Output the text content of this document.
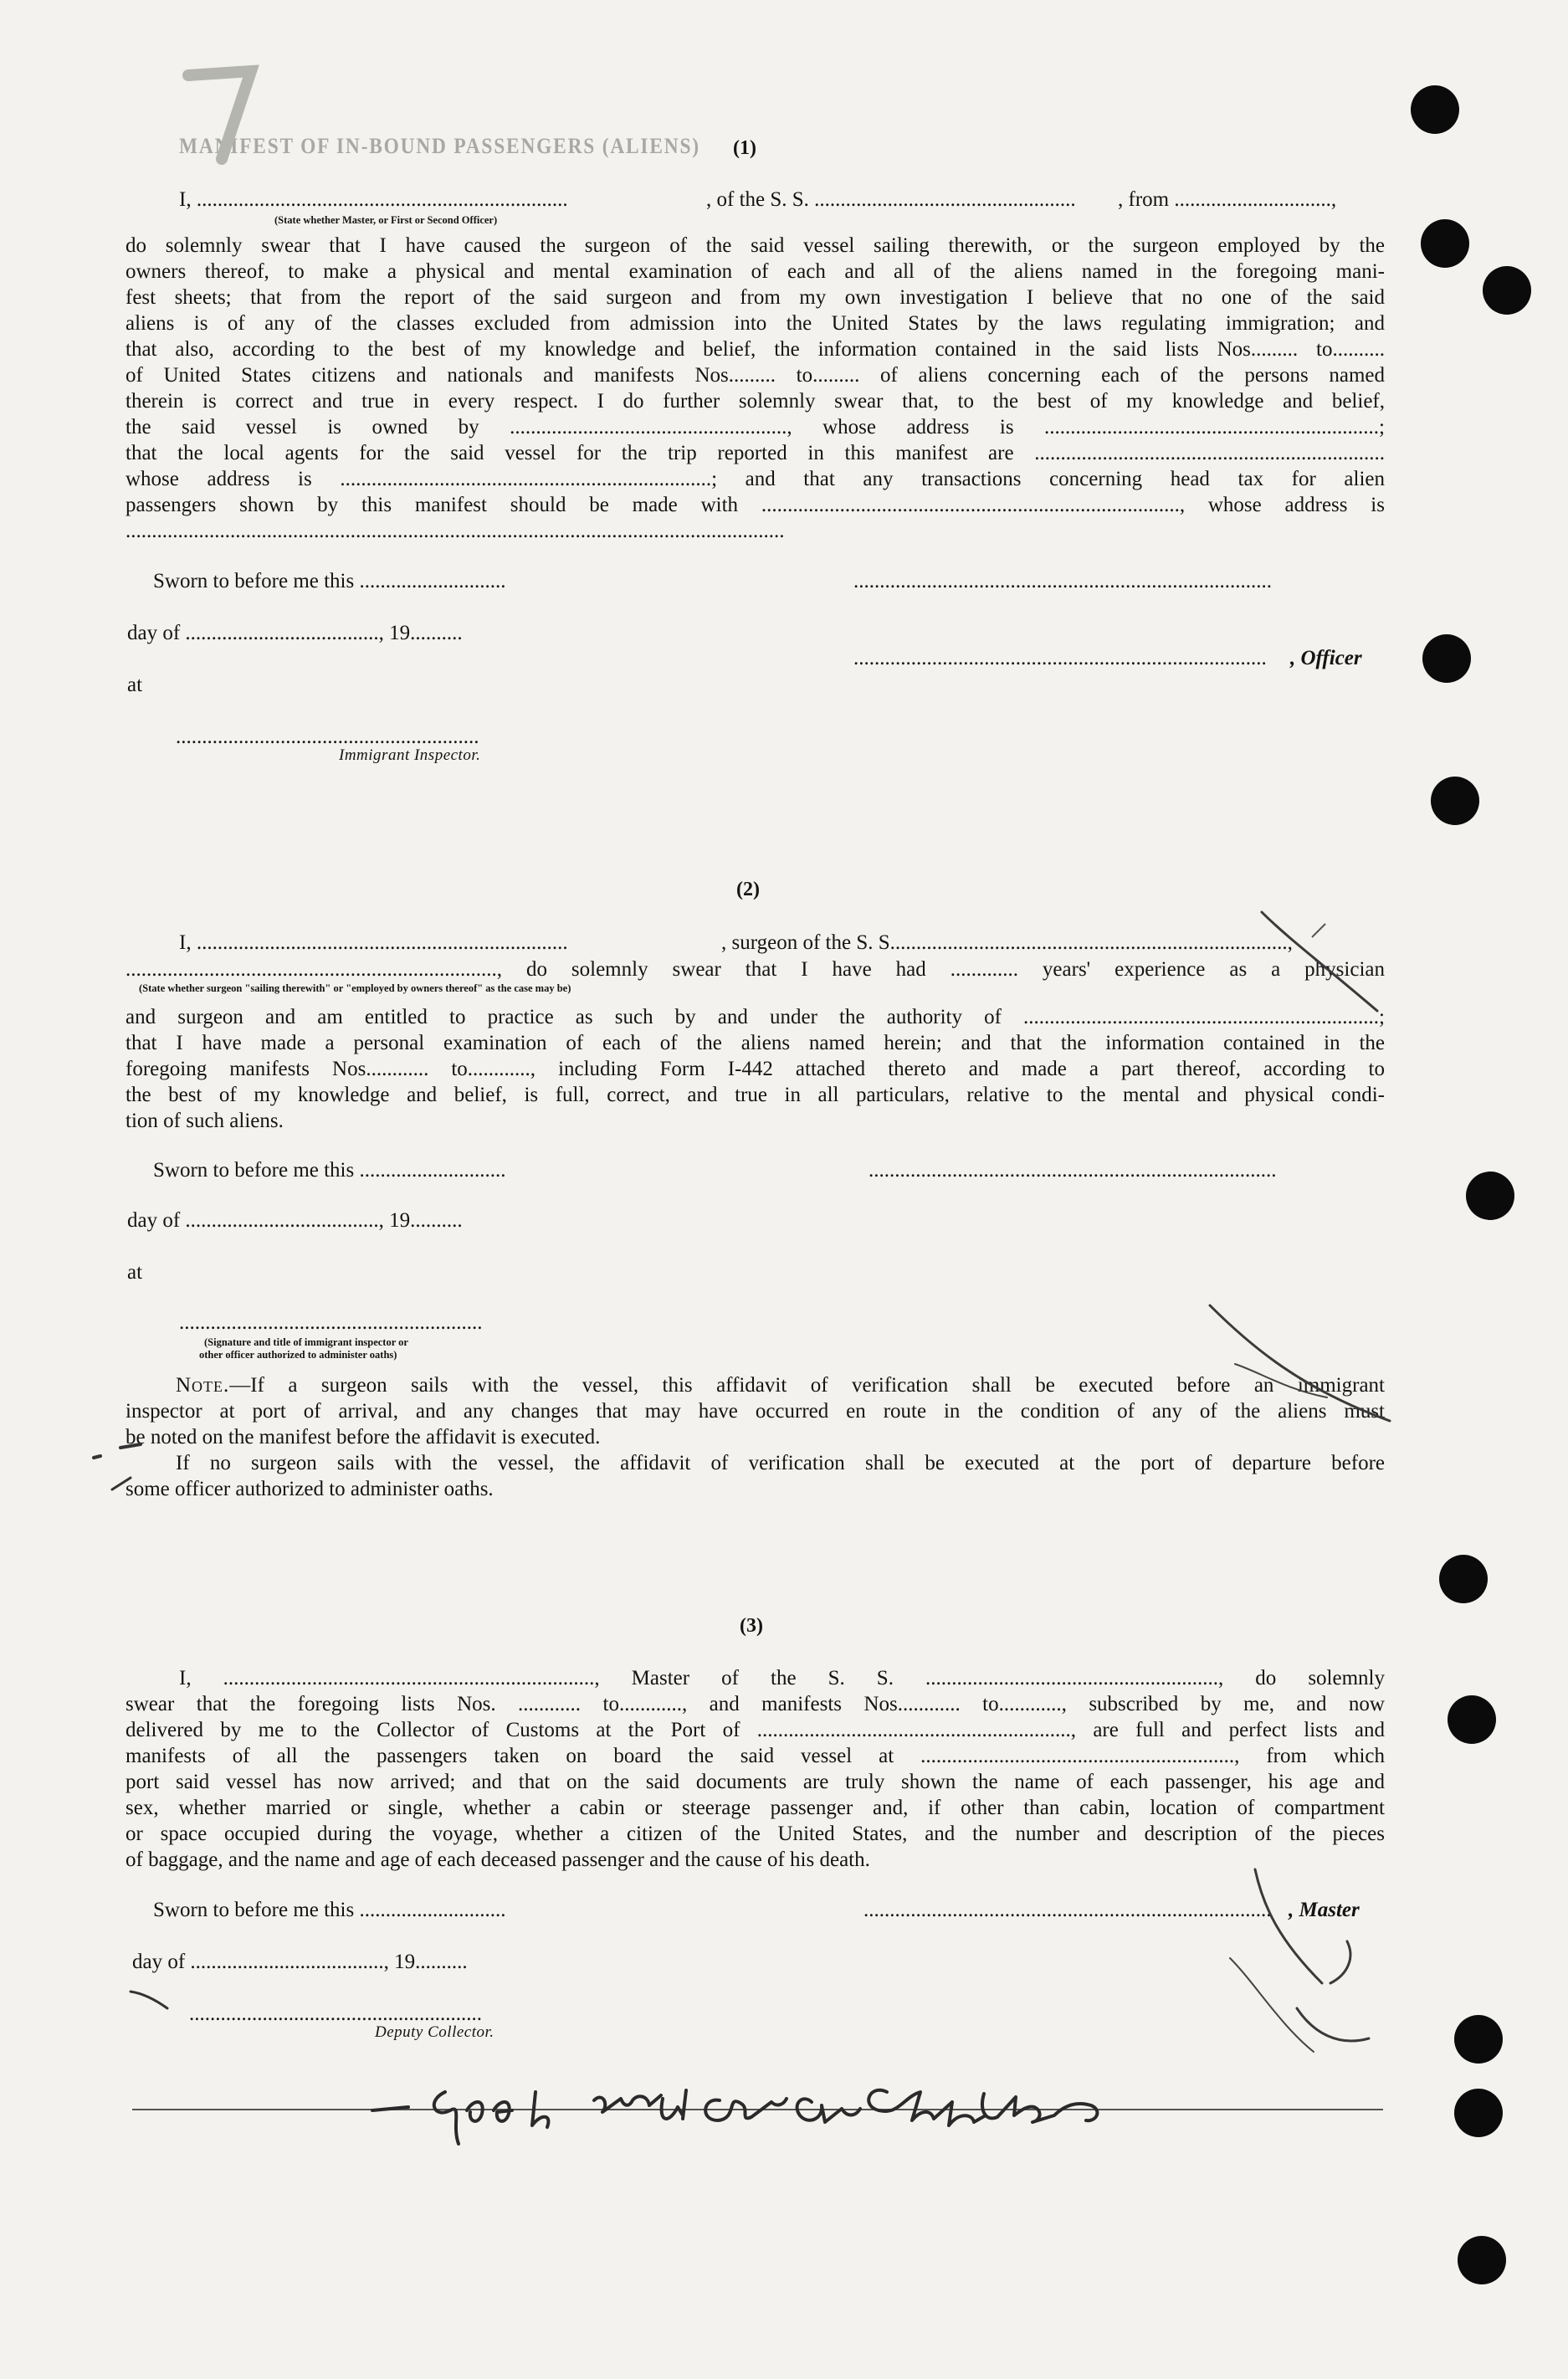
MANIFEST OF IN-BOUND PASSENGERS (ALIENS) (1)
I, .......................................................................	, of the S. S. .................................................. , from ..............................,
(State whether Master, or First or Second Officer)
do solemnly swear that I have caused the surgeon of the said vessel sailing therewith, or the surgeon employed by the
owners thereof, to make a physical and mental examination of each and all of the aliens named in the foregoing mani-
fest sheets; that from the report of the said surgeon and from my own investigation I believe that no one of the said
aliens is of any of the classes excluded from admission into the United States by the laws regulating immigration; and
that also, according to the best of my knowledge and belief, the information contained in the said lists Nos......... to..........
of United States citizens and nationals and manifests Nos......... to......... of aliens concerning each of the persons named
therein is correct and true in every respect. I do further solemnly swear that, to the best of my knowledge and belief,
the said vessel is owned by ....................................................., whose address is ................................................................;
that the local agents for the said vessel for the trip reported in this manifest are ...................................................................
whose address is .......................................................................; and that any transactions concerning head tax for alien
passengers shown by this manifest should be made with ................................................................................, whose address is
..............................................................................................................................
Sworn to before me this ............................	................................................................................
day of ....................................., 19..........
............................................................................... , Officer
at
..........................................................
Immigrant Inspector.
(2)
I, .......................................................................	, surgeon of the S. S............................................................................,
......................................................................., do solemnly swear that I have had ............. years' experience as a physician
(State whether surgeon "sailing therewith" or "employed by owners thereof" as the case may be)
and surgeon and am entitled to practice as such by and under the authority of ....................................................................;
that I have made a personal examination of each of the aliens named herein; and that the information contained in the
foregoing manifests Nos............ to............, including Form I-442 attached thereto and made a part thereof, according to
the best of my knowledge and belief, is full, correct, and true in all particulars, relative to the mental and physical condi-
tion of such aliens.
Sworn to before me this ............................	..............................................................................
day of ....................................., 19..........
at
..........................................................
(Signature and title of immigrant inspector or
other officer authorized to administer oaths)
Note.—If a surgeon sails with the vessel, this affidavit of verification shall be executed before an immigrant
inspector at port of arrival, and any changes that may have occurred en route in the condition of any of the aliens must
be noted on the manifest before the affidavit is executed.
If no surgeon sails with the vessel, the affidavit of verification shall be executed at the port of departure before
some officer authorized to administer oaths.
(3)
I, ......................................................................., Master of the S. S. ........................................................, do solemnly
swear that the foregoing lists Nos. ............ to............, and manifests Nos............ to............, subscribed by me, and now
delivered by me to the Collector of Customs at the Port of ............................................................, are full and perfect lists and
manifests of all the passengers taken on board the said vessel at ............................................................, from which
port said vessel has now arrived; and that on the said documents are truly shown the name of each passenger, his age and
sex, whether married or single, whether a cabin or steerage passenger and, if other than cabin, location of compartment
or space occupied during the voyage, whether a citizen of the United States, and the number and description of the pieces
of baggage, and the name and age of each deceased passenger and the cause of his death.
Sworn to before me this ............................	.............................................................................. , Master
day of ....................................., 19..........
........................................................
Deputy Collector.
